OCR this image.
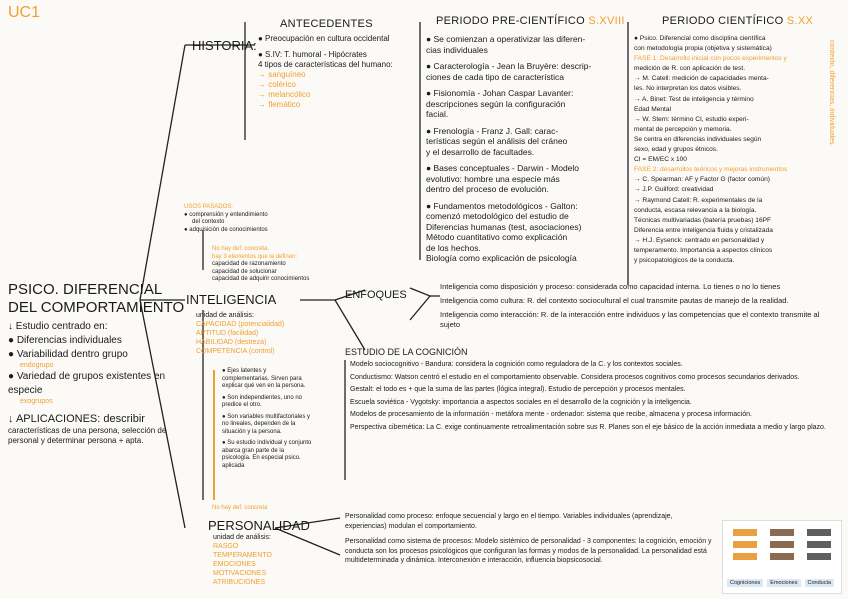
UC1
PSICO. DIFERENCIAL
DEL COMPORTAMIENTO
↓ Estudio centrado en:
● Diferencias individuales
● Variabilidad dentro grupo
endogrupo
● Variedad de grupos existentes en especie
exogrupos
↓ APLICACIONES: describir
características de una persona, selección de personal y determinar persona + apta.
HISTORIA:
INTELIGENCIA
PERSONALIDAD
ENFOQUES
ESTUDIO DE LA COGNICIÓN
ANTECEDENTES	PERIODO PRE-CIENTÍFICO S.XVIII	PERIODO CIENTÍFICO S.XX
● Preocupación en cultura occidental
● S.IV: T. humoral - Hipócrates
4 tipos de características del humano:
→ sanguíneo
→ colérico
→ melancólico
→ flemático
● Se comienzan a operativizar las diferen-
cias individuales
● Caracterología - Jean la Bruyère: descrip-
ciones de cada tipo de característica
● Fisionomía - Johan Caspar Lavanter:
descripciones según la configuración
facial.
● Frenología - Franz J. Gall: carac-
terísticas según el análisis del cráneo
y el desarrollo de facultades.
● Bases conceptuales - Darwin - Modelo
evolutivo: hombre una especie más
dentro del proceso de evolución.
● Fundamentos metodológicos - Galton:
comenzó metodológico del estudio de
Diferencias humanas (test, asociaciones)
Método cuantitativo como explicación
de los hechos.
Biología como explicación de psicología
● Psico. Diferencial como disciplina científica
con metodología propia (objetiva y sistemática)
FASE 1: Desarrollo inicial con pocos experimentos y
medición de R. con aplicación de test.
→ M. Catell: medición de capacidades menta-
les. No interpretan los datos visibles.
→ A. Binet: Test de inteligencia y término
Edad Mental
→ W. Stern: término CI, estudio experi-
mental de percepción y memoria.
Se centra en diferencias individuales según
sexo, edad y grupos étnicos.
CI = EM/EC x 100
FASE 2: desarrollos teóricos y mejoras instrumentos
→ C. Spearman: AF y Factor G (factor común)
→ J.P. Guilford: creatividad
→ Raymond Catell: R. experimentales de la
conducta, escasa relevancia a la biología.
Técnicas multivariadas (batería pruebas) 16PF
Diferencia entre inteligencia fluida y cristalizada
→ H.J. Eysenck: centrado en personalidad y
temperamento. Importancia a aspectos clínicos
y psicopatológicos de la conducta.
contexto, diferencias, individuales
USOS PASADOS:
● comprensión y entendimiento
del contexto
● adquisición de conocimientos
No hay def. concreta,
hay 3 elementos que la definen:
capacidad de razonamiento
capacidad de solucionar
capacidad de adquirir conocimientos
unidad de análisis:
CAPACIDAD (potencialidad)
APTITUD (facilidad)
HABILIDAD (destreza)
COMPETENCIA (control)
● Ejes latentes y complementarias. Sirven para explicar qué ven en la persona.
● Son independientes, uno no predice el otro.
● Son variables multifactoriales y no lineales, dependen de la situación y la persona.
● Su estudio individual y conjunto abarca gran parte de la psicología. En especial psico. aplicada
No hay def. concreta
unidad de análisis:
RASGO
TEMPERAMENTO
EMOCIONES
MOTIVACIONES
ATRIBUCIONES
Inteligencia como disposición y proceso: considerada como capacidad interna. Lo tienes o no lo tienes
Inteligencia como cultura: R. del contexto sociocultural el cual transmite pautas de manejo de la realidad.
Inteligencia como interacción: R. de la interacción entre individuos y las competencias que el contexto transmite al sujeto
Modelo sociocognitivo - Bandura: considera la cognición como reguladora de la C. y los contextos sociales.
Conductismo: Watson centró el estudio en el comportamiento observable. Considera procesos cognitivos como procesos secundarios derivados.
Gestalt: el todo es + que la suma de las partes (lógica integral). Estudio de percepción y procesos mentales.
Escuela soviética - Vygotsky: importancia a aspectos sociales en el desarrollo de la cognición y la inteligencia.
Modelos de procesamiento de la información - metáfora mente - ordenador: sistema que recibe, almacena y procesa información.
Perspectiva cibernética: La C. exige continuamente retroalimentación sobre sus R. Planes son el eje básico de la acción inmediata a medio y largo plazo.
Personalidad como proceso: enfoque secuencial y largo en el tiempo. Variables individuales (aprendizaje, experiencias) modulan el comportamiento.
Personalidad como sistema de procesos: Modelo sistémico de personalidad - 3 componentes: la cognición, emoción y conducta son los procesos psicológicos que configuran las formas y modos de la personalidad. La personalidad está multideterminada y dinámica. Interconexión e interacción, influencia biopsicosocial.
Cogniciones	Emociones	Conducta
